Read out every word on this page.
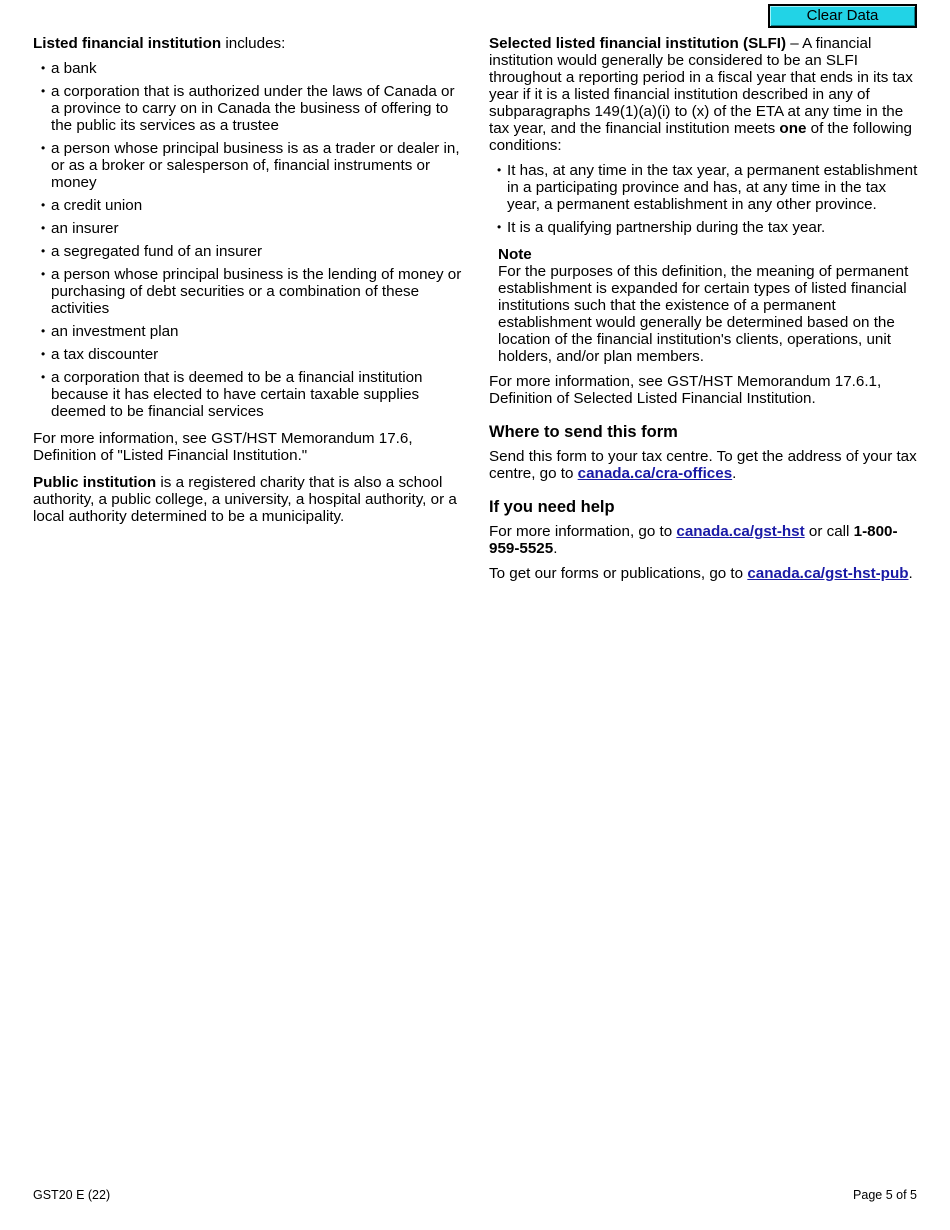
Clear Data

Listed financial institution includes:

• a bank
• a corporation that is authorized under the laws of Canada or a province to carry on in Canada the business of offering to the public its services as a trustee
• a person whose principal business is as a trader or dealer in, or as a broker or salesperson of, financial instruments or money
• a credit union
• an insurer
• a segregated fund of an insurer
• a person whose principal business is the lending of money or purchasing of debt securities or a combination of these activities
• an investment plan
• a tax discounter
• a corporation that is deemed to be a financial institution because it has elected to have certain taxable supplies deemed to be financial services

For more information, see GST/HST Memorandum 17.6, Definition of "Listed Financial Institution."

Public institution is a registered charity that is also a school authority, a public college, a university, a hospital authority, or a local authority determined to be a municipality.

Selected listed financial institution (SLFI) – A financial institution would generally be considered to be an SLFI throughout a reporting period in a fiscal year that ends in its tax year if it is a listed financial institution described in any of subparagraphs 149(1)(a)(i) to (x) of the ETA at any time in the tax year, and the financial institution meets one of the following conditions:

• It has, at any time in the tax year, a permanent establishment in a participating province and has, at any time in the tax year, a permanent establishment in any other province.
• It is a qualifying partnership during the tax year.
Note

For the purposes of this definition, the meaning of permanent establishment is expanded for certain types of listed financial institutions such that the existence of a permanent establishment would generally be determined based on the location of the financial institution's clients, operations, unit holders, and/or plan members.

For more information, see GST/HST Memorandum 17.6.1, Definition of Selected Listed Financial Institution.

Where to send this form

Send this form to your tax centre. To get the address of your tax centre, go to canada.ca/cra-offices.

If you need help

For more information, go to canada.ca/gst-hst or call 1-800-959-5525.

To get our forms or publications, go to canada.ca/gst-hst-pub.

GST20 E (22)	Page 5 of 5
